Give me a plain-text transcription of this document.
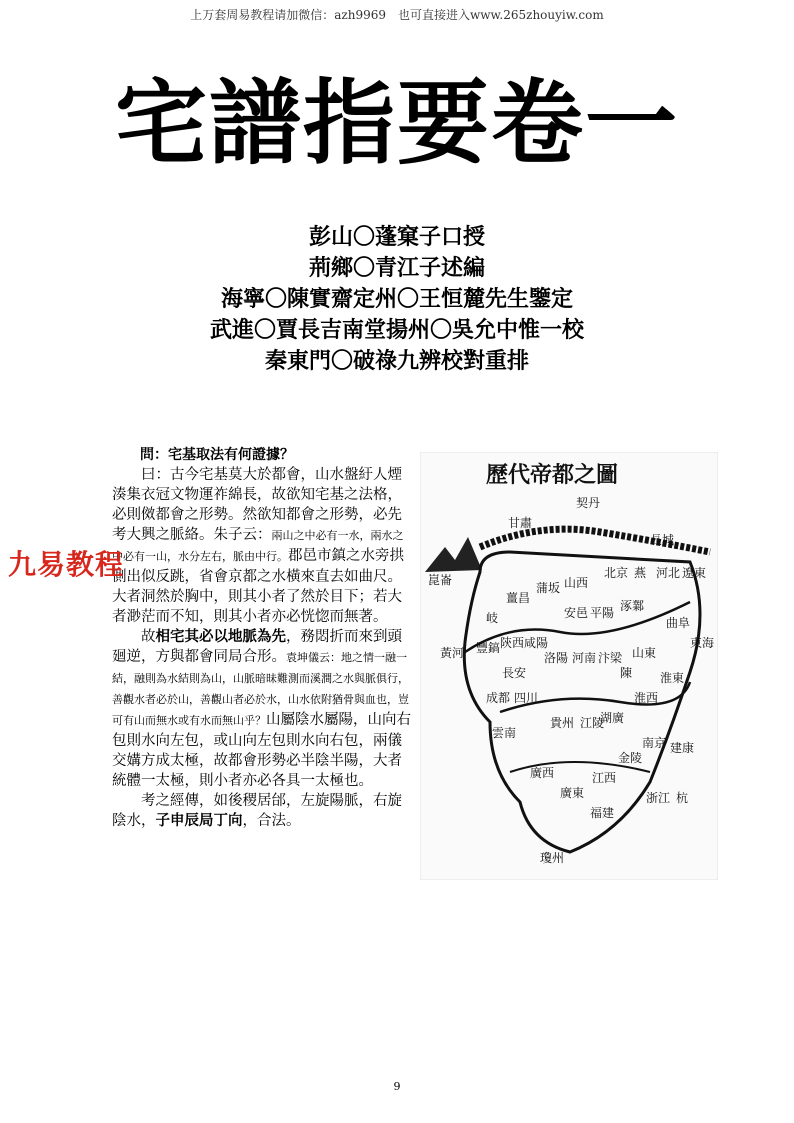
上万套周易教程请加微信：azh9969　也可直接进入www.265zhouyiw.com
宅譜指要卷一
彭山〇蓬窠子口授
荊鄉〇青江子述編
海寧〇陳實齋定州〇王恒麓先生鑒定
武進〇賈長吉南堂揚州〇吳允中惟一校
秦東門〇破祿九辨校對重排
問：宅基取法有何證據？

曰：古今宅基莫大於都會，山水盤紆人煙湊集衣冠文物運祚綿長，故欲知宅基之法格，必則傚都會之形勢。然欲知都會之形勢，必先考大興之脈絡。朱子云：兩山之中必有一水，兩水之中必有一山，水分左右，脈由中行。郡邑市鎮之水旁拱側出似反跳，省會京都之水橫來直去如曲尺。大者洞然於胸中，則其小者了然於目下；若大者渺茫而不知，則其小者亦必恍惚而無著。

故相宅其必以地脈為先，務悶折而來到頭廻逆，方與都會同局合形。袁坤儀云：地之情一融一結，融則為水結則為山，山脈暗昧難測而溪澗之水與脈俱行，善觀水者必於山，善觀山者必於水，山水依附猶骨與血也，豈可有山而無水或有水而無山乎？山屬陰水屬陽，山向右包則水向左包，或山向左包則水向右包，兩儀交媾方成太極，故都會形勢必半陰半陽，大者統體一太極，則小者亦必各具一太極也。

考之經傳，如後稷居邰，左旋陽脈，右旋陰水，子申辰局丁向，合法。

九易教程
歷代帝都之圖
契丹
甘肅
長城
崑崙	北京 燕 河北 遼東
薑昌
蒲坂 山西
安邑 平陽 涿鄴
曲阜
東海
岐
黃河
陝西 咸陽
豐鎬
洛陽 河南 汴梁 山東
陳
長安	淮東
淮西
成都 四川
湖廣
江陵
貴州
雲南
南京
金陵
建康
江西
廣西
浙江 杭
廣東
福建
瓊州
9
